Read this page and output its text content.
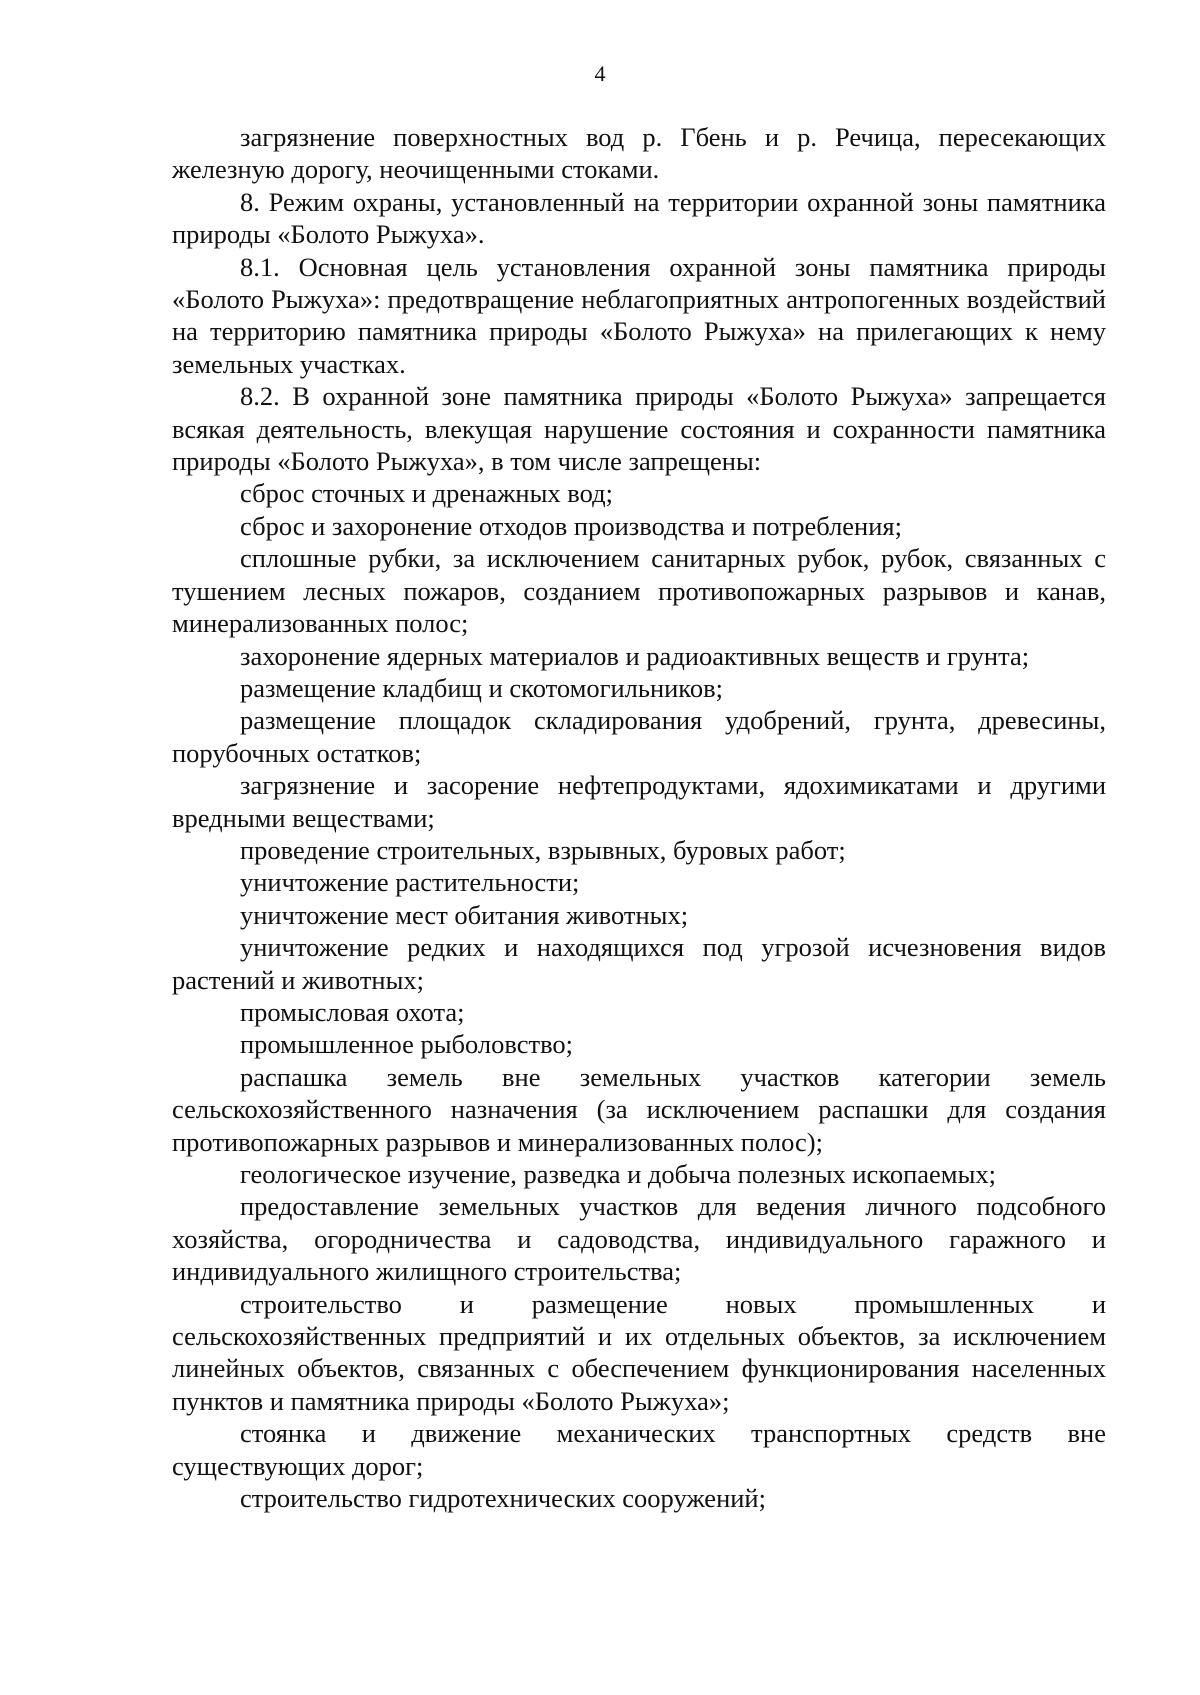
4

загрязнение поверхностных вод р. Гбень и р. Речица, пересекающих железную дорогу, неочищенными стоками.

8. Режим охраны, установленный на территории охранной зоны памятника природы «Болото Рыжуха».

8.1. Основная цель установления охранной зоны памятника природы «Болото Рыжуха»: предотвращение неблагоприятных антропогенных воздействий на территорию памятника природы «Болото Рыжуха» на прилегающих к нему земельных участках.

8.2. В охранной зоне памятника природы «Болото Рыжуха» запрещается всякая деятельность, влекущая нарушение состояния и сохранности памятника природы «Болото Рыжуха», в том числе запрещены:

сброс сточных и дренажных вод;

сброс и захоронение отходов производства и потребления;

сплошные рубки, за исключением санитарных рубок, рубок, связанных с тушением лесных пожаров, созданием противопожарных разрывов и канав, минерализованных полос;

захоронение ядерных материалов и радиоактивных веществ и грунта;

размещение кладбищ и скотомогильников;

размещение площадок складирования удобрений, грунта, древесины, порубочных остатков;

загрязнение и засорение нефтепродуктами, ядохимикатами и другими вредными веществами;

проведение строительных, взрывных, буровых работ;

уничтожение растительности;

уничтожение мест обитания животных;

уничтожение редких и находящихся под угрозой исчезновения видов растений и животных;

промысловая охота;

промышленное рыболовство;

распашка земель вне земельных участков категории земель сельскохозяйственного назначения (за исключением распашки для создания противопожарных разрывов и минерализованных полос);

геологическое изучение, разведка и добыча полезных ископаемых;

предоставление земельных участков для ведения личного подсобного хозяйства, огородничества и садоводства, индивидуального гаражного и индивидуального жилищного строительства;

строительство и размещение новых промышленных и сельскохозяйственных предприятий и их отдельных объектов, за исключением линейных объектов, связанных с обеспечением функционирования населенных пунктов и памятника природы «Болото Рыжуха»;

стоянка и движение механических транспортных средств вне существующих дорог;

строительство гидротехнических сооружений;
